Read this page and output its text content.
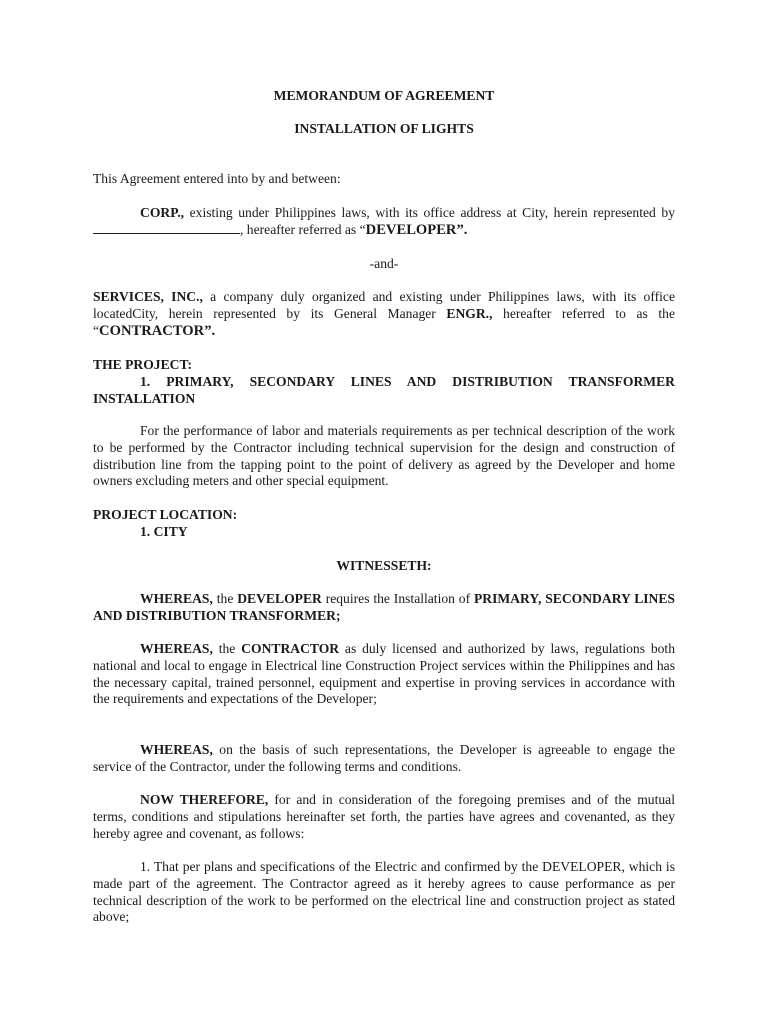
MEMORANDUM OF AGREEMENT
INSTALLATION OF LIGHTS

This Agreement entered into by and between:

CORP., existing under Philippines laws, with its office address at City, herein represented by , hereafter referred as “DEVELOPER”.

-and-

SERVICES, INC., a company duly organized and existing under Philippines laws, with its office locatedCity, herein represented by its General Manager ENGR., hereafter referred to as the “CONTRACTOR”.

THE PROJECT:

1. PRIMARY, SECONDARY LINES AND DISTRIBUTION TRANSFORMER INSTALLATION

For the performance of labor and materials requirements as per technical description of the work to be performed by the Contractor including technical supervision for the design and construction of distribution line from the tapping point to the point of delivery as agreed by the Developer and home owners excluding meters and other special equipment.

PROJECT LOCATION:

1. CITY

WITNESSETH:

WHEREAS, the DEVELOPER requires the Installation of PRIMARY, SECONDARY LINES AND DISTRIBUTION TRANSFORMER;

WHEREAS, the CONTRACTOR as duly licensed and authorized by laws, regulations both national and local to engage in Electrical line Construction Project services within the Philippines and has the necessary capital, trained personnel, equipment and expertise in proving services in accordance with the requirements and expectations of the Developer;

WHEREAS, on the basis of such representations, the Developer is agreeable to engage the service of the Contractor, under the following terms and conditions.

NOW THEREFORE, for and in consideration of the foregoing premises and of the mutual terms, conditions and stipulations hereinafter set forth, the parties have agrees and covenanted, as they hereby agree and covenant, as follows:

1. That per plans and specifications of the Electric and confirmed by the DEVELOPER, which is made part of the agreement. The Contractor agreed as it hereby agrees to cause performance as per technical description of the work to be performed on the electrical line and construction project as stated above;
